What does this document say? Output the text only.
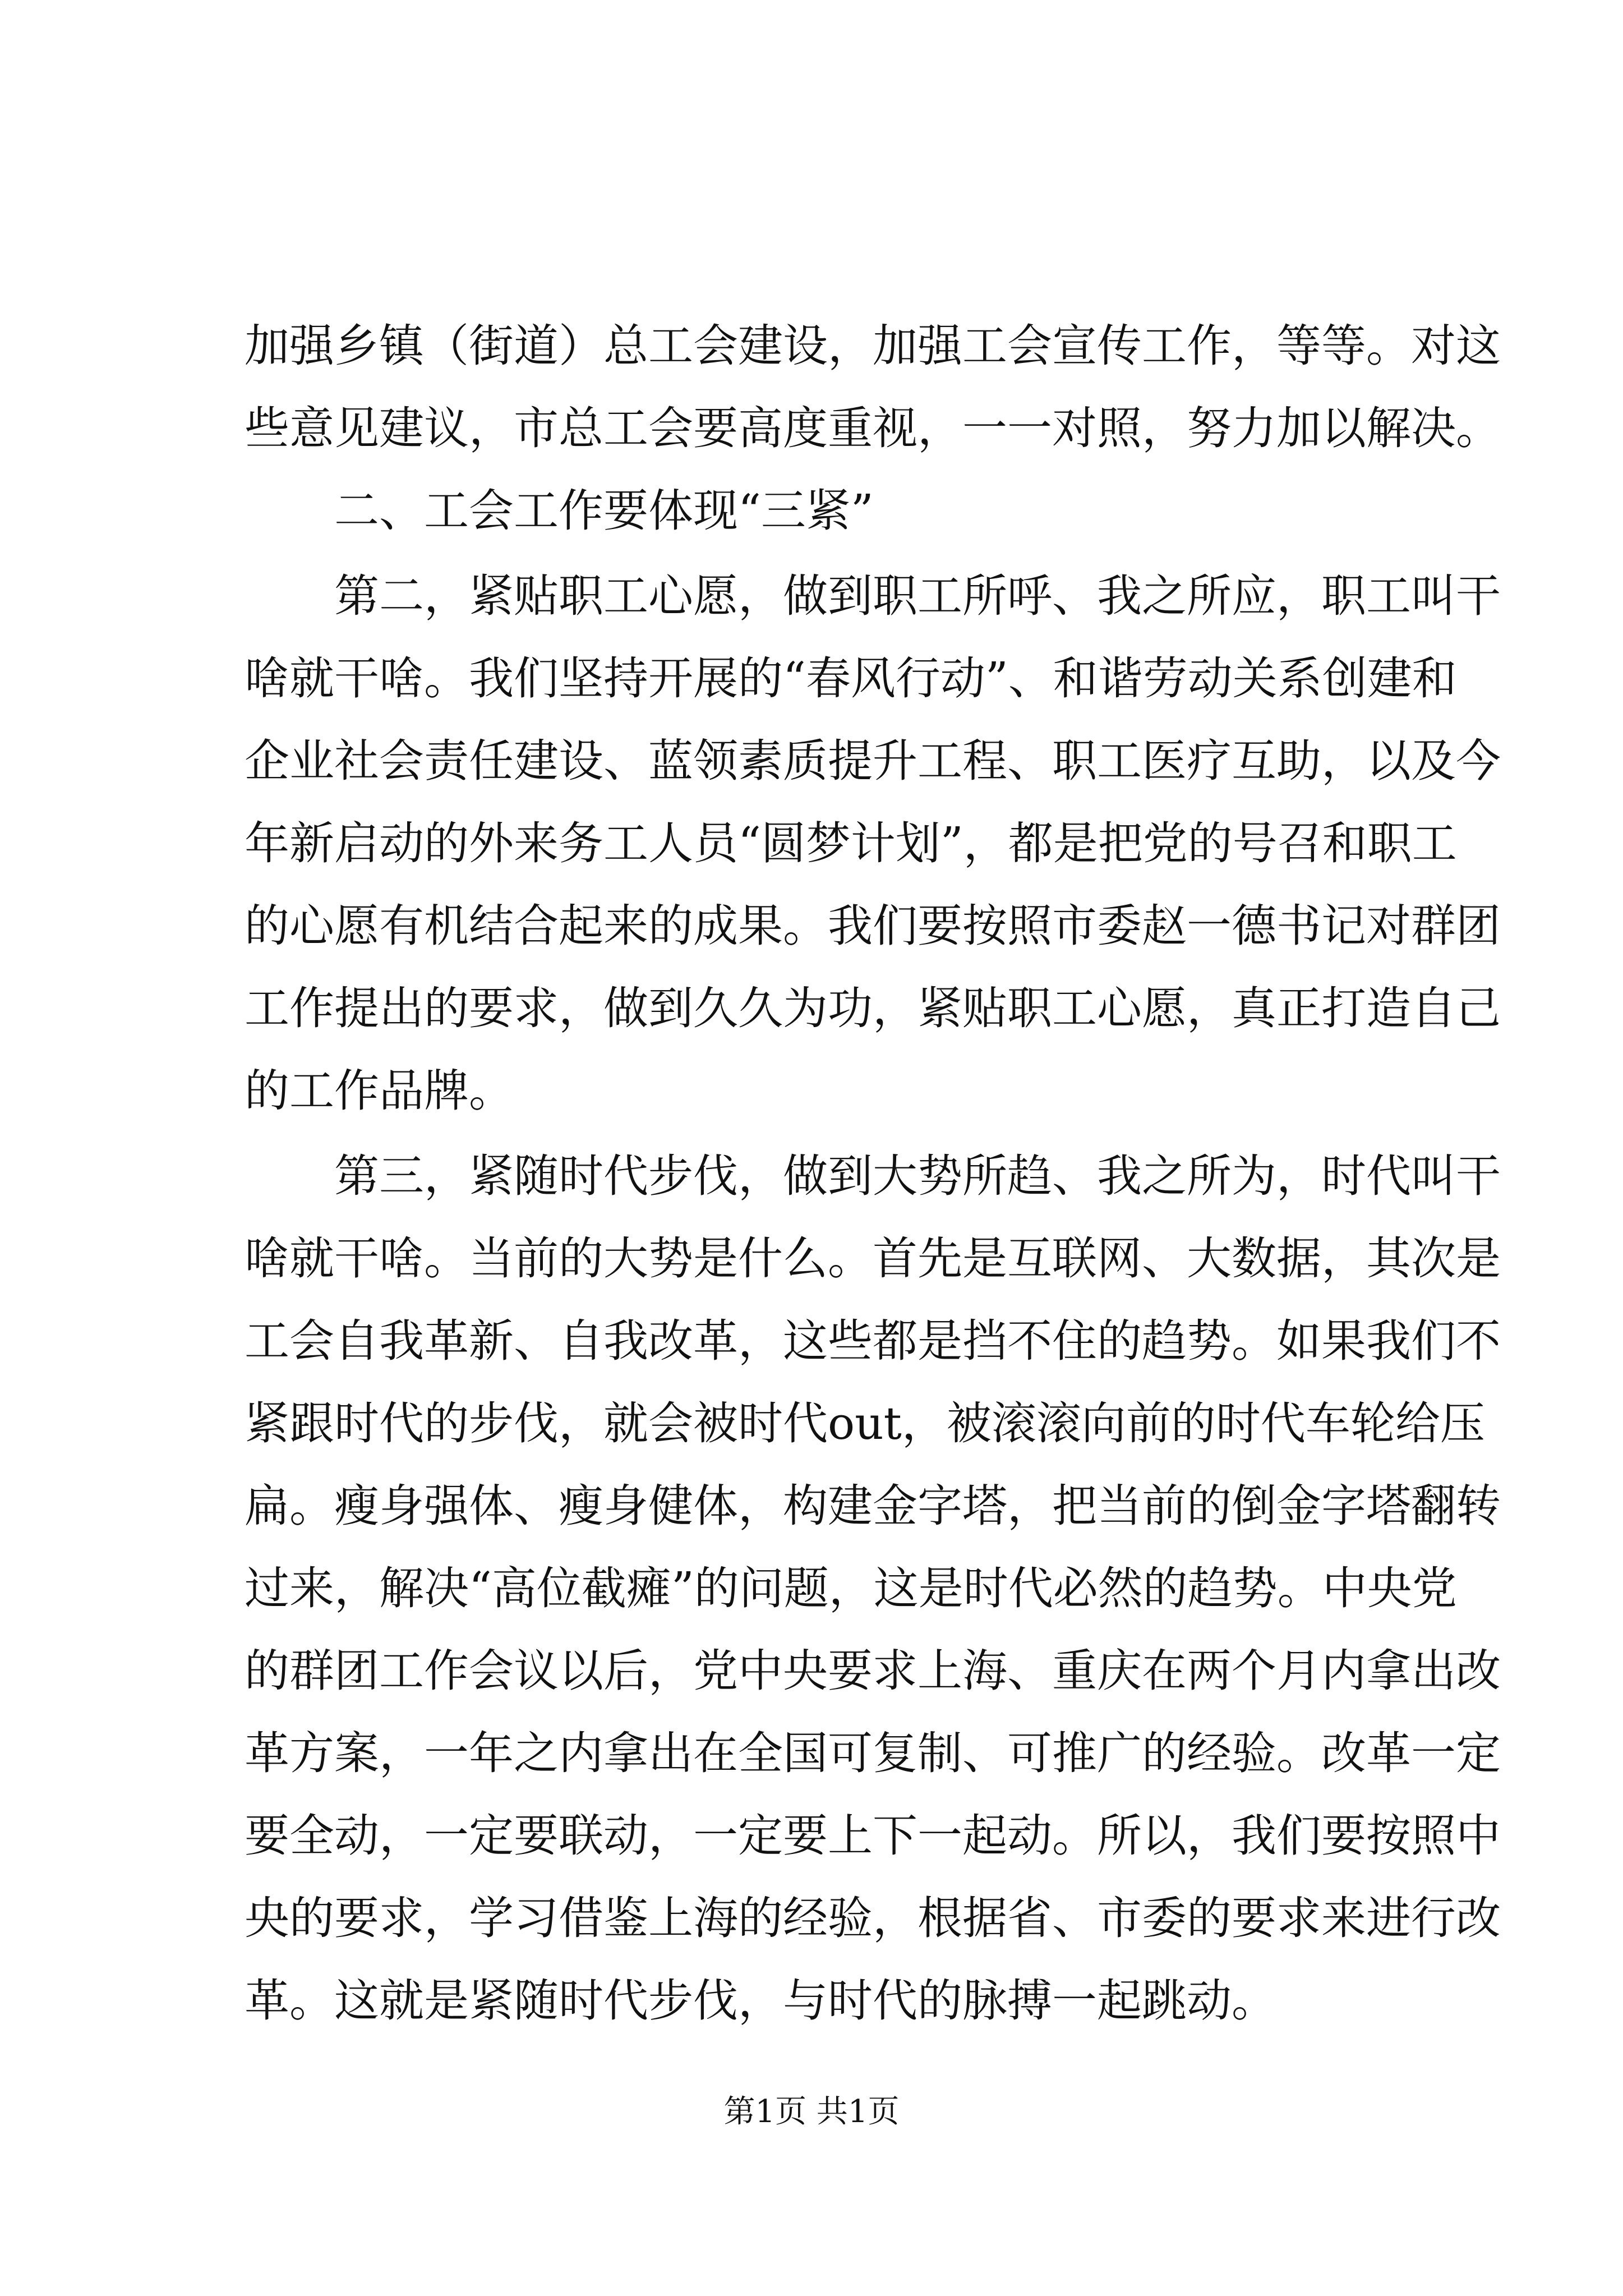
加强乡镇（街道）总工会建设，加强工会宣传工作，等等。对这
些意见建议，市总工会要高度重视，一一对照，努力加以解决。
二、工会工作要体现“三紧”
第二，紧贴职工心愿，做到职工所呼、我之所应，职工叫干
啥就干啥。我们坚持开展的“春风行动”、和谐劳动关系创建和
企业社会责任建设、蓝领素质提升工程、职工医疗互助，以及今
年新启动的外来务工人员“圆梦计划”，都是把党的号召和职工
的心愿有机结合起来的成果。我们要按照市委赵一德书记对群团
工作提出的要求，做到久久为功，紧贴职工心愿，真正打造自己
的工作品牌。
第三，紧随时代步伐，做到大势所趋、我之所为，时代叫干
啥就干啥。当前的大势是什么。首先是互联网、大数据，其次是
工会自我革新、自我改革，这些都是挡不住的趋势。如果我们不
紧跟时代的步伐，就会被时代out，被滚滚向前的时代车轮给压
扁。瘦身强体、瘦身健体，构建金字塔，把当前的倒金字塔翻转
过来，解决“高位截瘫”的问题，这是时代必然的趋势。中央党
的群团工作会议以后，党中央要求上海、重庆在两个月内拿出改
革方案，一年之内拿出在全国可复制、可推广的经验。改革一定
要全动，一定要联动，一定要上下一起动。所以，我们要按照中
央的要求，学习借鉴上海的经验，根据省、市委的要求来进行改
革。这就是紧随时代步伐，与时代的脉搏一起跳动。
第1页 共1页
